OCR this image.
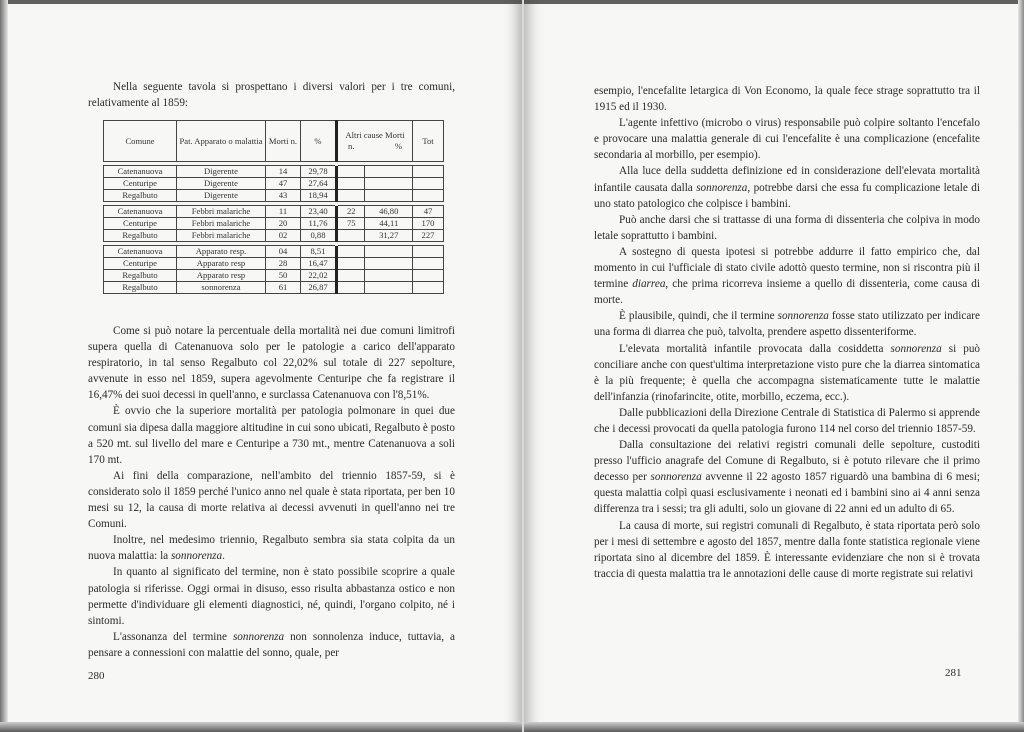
Nella seguente tavola si prospettano i diversi valori per i tre comuni, relativamente al 1859:

Comune	Pat. Apparato o malattia	Morti n.	%	Altri cause Morti
n. %		Tot

Catenanuova	Digerente	14	29,78			
Centuripe	Digerente	47	27,64			
Regalbuto	Digerente	43	18,94			

Catenanuova	Febbri malariche	11	23,40	22	46,80	47
Centuripe	Febbri malariche	20	11,76	75	44,11	170
Regalbuto	Febbri malariche	02	0,88		31,27	227

Catenanuova	Apparato resp.	04	8,51			
Centuripe	Apparato resp	28	16,47			
Regalbuto	Apparato resp	50	22,02			
Regalbuto	sonnorenza	61	26,87			

Come si può notare la percentuale della mortalità nei due comuni limitrofi supera quella di Catenanuova solo per le patologie a carico dell'apparato respiratorio, in tal senso Regalbuto col 22,02% sul totale di 227 sepolture, avvenute in esso nel 1859, supera agevolmente Centuripe che fa registrare il 16,47% dei suoi decessi in quell'anno, e surclassa Catenanuova con l'8,51%.

È ovvio che la superiore mortalità per patologia polmonare in quei due comuni sia dipesa dalla maggiore altitudine in cui sono ubicati, Regalbuto è posto a 520 mt. sul livello del mare e Centuripe a 730 mt., mentre Catenanuova a soli 170 mt.

Ai fini della comparazione, nell'ambito del triennio 1857-59, si è considerato solo il 1859 perché l'unico anno nel quale è stata riportata, per ben 10 mesi su 12, la causa di morte relativa ai decessi avvenuti in quell'anno nei tre Comuni.

Inoltre, nel medesimo triennio, Regalbuto sembra sia stata colpita da un nuova malattia: la sonnorenza.

In quanto al significato del termine, non è stato possibile scoprire a quale patologia si riferisse. Oggi ormai in disuso, esso risulta abbastanza ostico e non permette d'individuare gli elementi diagnostici, né, quindi, l'organo colpito, né i sintomi.

L'assonanza del termine sonnorenza non sonnolenza induce, tuttavia, a pensare a connessioni con malattie del sonno, quale, per

280

esempio, l'encefalite letargica di Von Economo, la quale fece strage soprattutto tra il 1915 ed il 1930.

L'agente infettivo (microbo o virus) responsabile può colpire soltanto l'encefalo e provocare una malattia generale di cui l'encefalite è una complicazione (encefalite secondaria al morbillo, per esempio).

Alla luce della suddetta definizione ed in considerazione dell'elevata mortalità infantile causata dalla sonnorenza, potrebbe darsi che essa fu complicazione letale di uno stato patologico che colpisce i bambini.

Può anche darsi che si trattasse di una forma di dissenteria che colpiva in modo letale soprattutto i bambini.

A sostegno di questa ipotesi si potrebbe addurre il fatto empirico che, dal momento in cui l'ufficiale di stato civile adottò questo termine, non si riscontra più il termine diarrea, che prima ricorreva insieme a quello di dissenteria, come causa di morte.

È plausibile, quindi, che il termine sonnorenza fosse stato utilizzato per indicare una forma di diarrea che può, talvolta, prendere aspetto dissenteriforme.

L'elevata mortalità infantile provocata dalla cosiddetta sonnorenza si può conciliare anche con quest'ultima interpretazione visto pure che la diarrea sintomatica è la più frequente; è quella che accompagna sistematicamente tutte le malattie dell'infanzia (rinofarincite, otite, morbillo, eczema, ecc.).

Dalle pubblicazioni della Direzione Centrale di Statistica di Palermo si apprende che i decessi provocati da quella patologia furono 114 nel corso del triennio 1857-59.

Dalla consultazione dei relativi registri comunali delle sepolture, custoditi presso l'ufficio anagrafe del Comune di Regalbuto, si è potuto rilevare che il primo decesso per sonnorenza avvenne il 22 agosto 1857 riguardò una bambina di 6 mesi; questa malattia colpì quasi esclusivamente i neonati ed i bambini sino ai 4 anni senza differenza tra i sessi; tra gli adulti, solo un giovane di 22 anni ed un adulto di 65.

La causa di morte, sui registri comunali di Regalbuto, è stata riportata però solo per i mesi di settembre e agosto del 1857, mentre dalla fonte statistica regionale viene riportata sino al dicembre del 1859. È interessante evidenziare che non si è trovata traccia di questa malattia tra le annotazioni delle cause di morte registrate sui relativi

281
